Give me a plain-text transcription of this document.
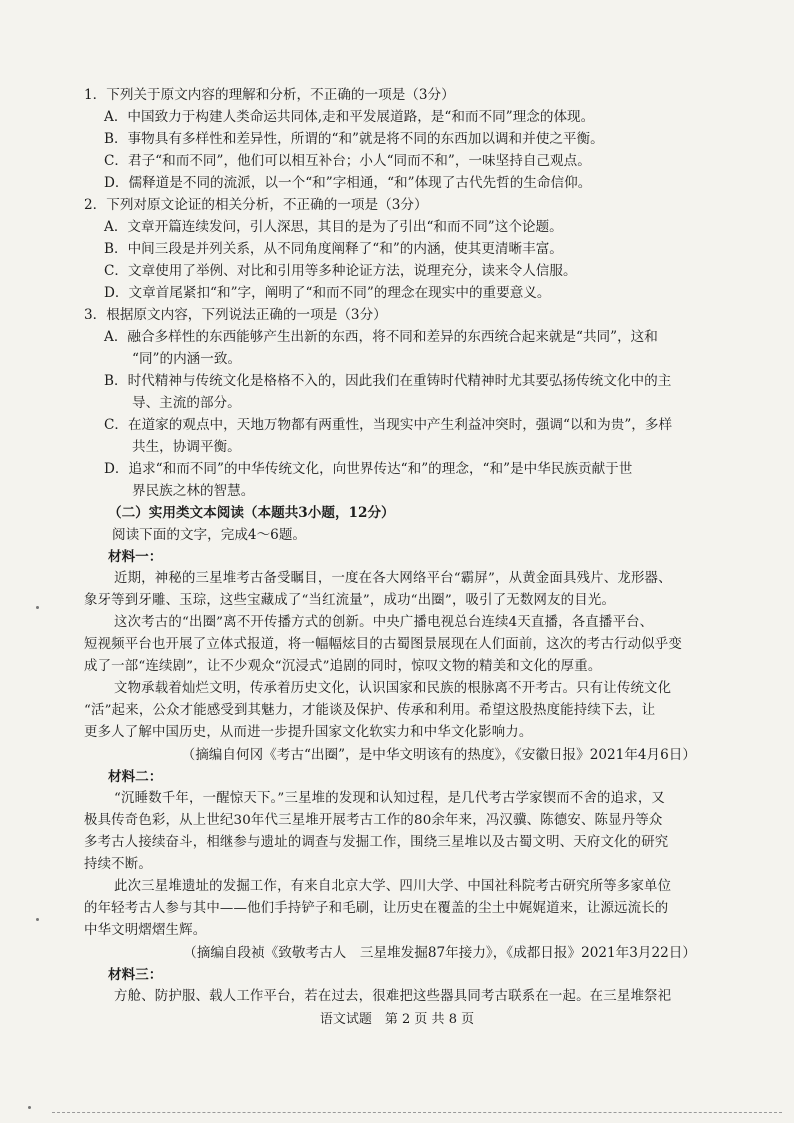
1．下列关于原文内容的理解和分析，不正确的一项是（3分）
A．中国致力于构建人类命运共同体,走和平发展道路，是“和而不同”理念的体现。
B．事物具有多样性和差异性，所谓的“和”就是将不同的东西加以调和并使之平衡。
C．君子“和而不同”，他们可以相互补台；小人“同而不和”，一味坚持自己观点。
D．儒释道是不同的流派，以一个“和”字相通，“和”体现了古代先哲的生命信仰。
2．下列对原文论证的相关分析，不正确的一项是（3分）
A．文章开篇连续发问，引人深思，其目的是为了引出“和而不同”这个论题。
B．中间三段是并列关系，从不同角度阐释了“和”的内涵，使其更清晰丰富。
C．文章使用了举例、对比和引用等多种论证方法，说理充分，读来令人信服。
D．文章首尾紧扣“和”字，阐明了“和而不同”的理念在现实中的重要意义。
3．根据原文内容，下列说法正确的一项是（3分）
A．融合多样性的东西能够产生出新的东西，将不同和差异的东西统合起来就是“共同”，这和
“同”的内涵一致。
B．时代精神与传统文化是格格不入的，因此我们在重铸时代精神时尤其要弘扬传统文化中的主
导、主流的部分。
C．在道家的观点中，天地万物都有两重性，当现实中产生利益冲突时，强调“以和为贵”，多样
共生，协调平衡。
D．追求“和而不同”的中华传统文化，向世界传达“和”的理念，“和”是中华民族贡献于世
界民族之林的智慧。
（二）实用类文本阅读（本题共3小题，12分）
阅读下面的文字，完成4～6题。
材料一：
近期，神秘的三星堆考古备受瞩目，一度在各大网络平台“霸屏”，从黄金面具残片、龙形器、
象牙等到牙雕、玉琮，这些宝藏成了“当红流量”，成功“出圈”，吸引了无数网友的目光。
这次考古的“出圈”离不开传播方式的创新。中央广播电视总台连续4天直播，各直播平台、
短视频平台也开展了立体式报道，将一幅幅炫目的古蜀图景展现在人们面前，这次的考古行动似乎变
成了一部“连续剧”，让不少观众“沉浸式”追剧的同时，惊叹文物的精美和文化的厚重。
文物承载着灿烂文明，传承着历史文化，认识国家和民族的根脉离不开考古。只有让传统文化
“活”起来，公众才能感受到其魅力，才能谈及保护、传承和利用。希望这股热度能持续下去，让
更多人了解中国历史，从而进一步提升国家文化软实力和中华文化影响力。
（摘编自何冈《考古“出圈”，是中华文明该有的热度》，《安徽日报》2021年4月6日）
材料二：
“沉睡数千年，一醒惊天下。”三星堆的发现和认知过程，是几代考古学家锲而不舍的追求，又
极具传奇色彩，从上世纪30年代三星堆开展考古工作的80余年来，冯汉骥、陈德安、陈显丹等众
多考古人接续奋斗，相继参与遗址的调查与发掘工作，围绕三星堆以及古蜀文明、天府文化的研究
持续不断。
此次三星堆遗址的发掘工作，有来自北京大学、四川大学、中国社科院考古研究所等多家单位
的年轻考古人参与其中——他们手持铲子和毛刷，让历史在覆盖的尘土中娓娓道来，让源远流长的
中华文明熠熠生辉。
（摘编自段祯《致敬考古人　三星堆发掘87年接力》，《成都日报》2021年3月22日）
材料三：
方舱、防护服、载人工作平台，若在过去，很难把这些器具同考古联系在一起。在三星堆祭祀
语文试题　第 2 页 共 8 页
